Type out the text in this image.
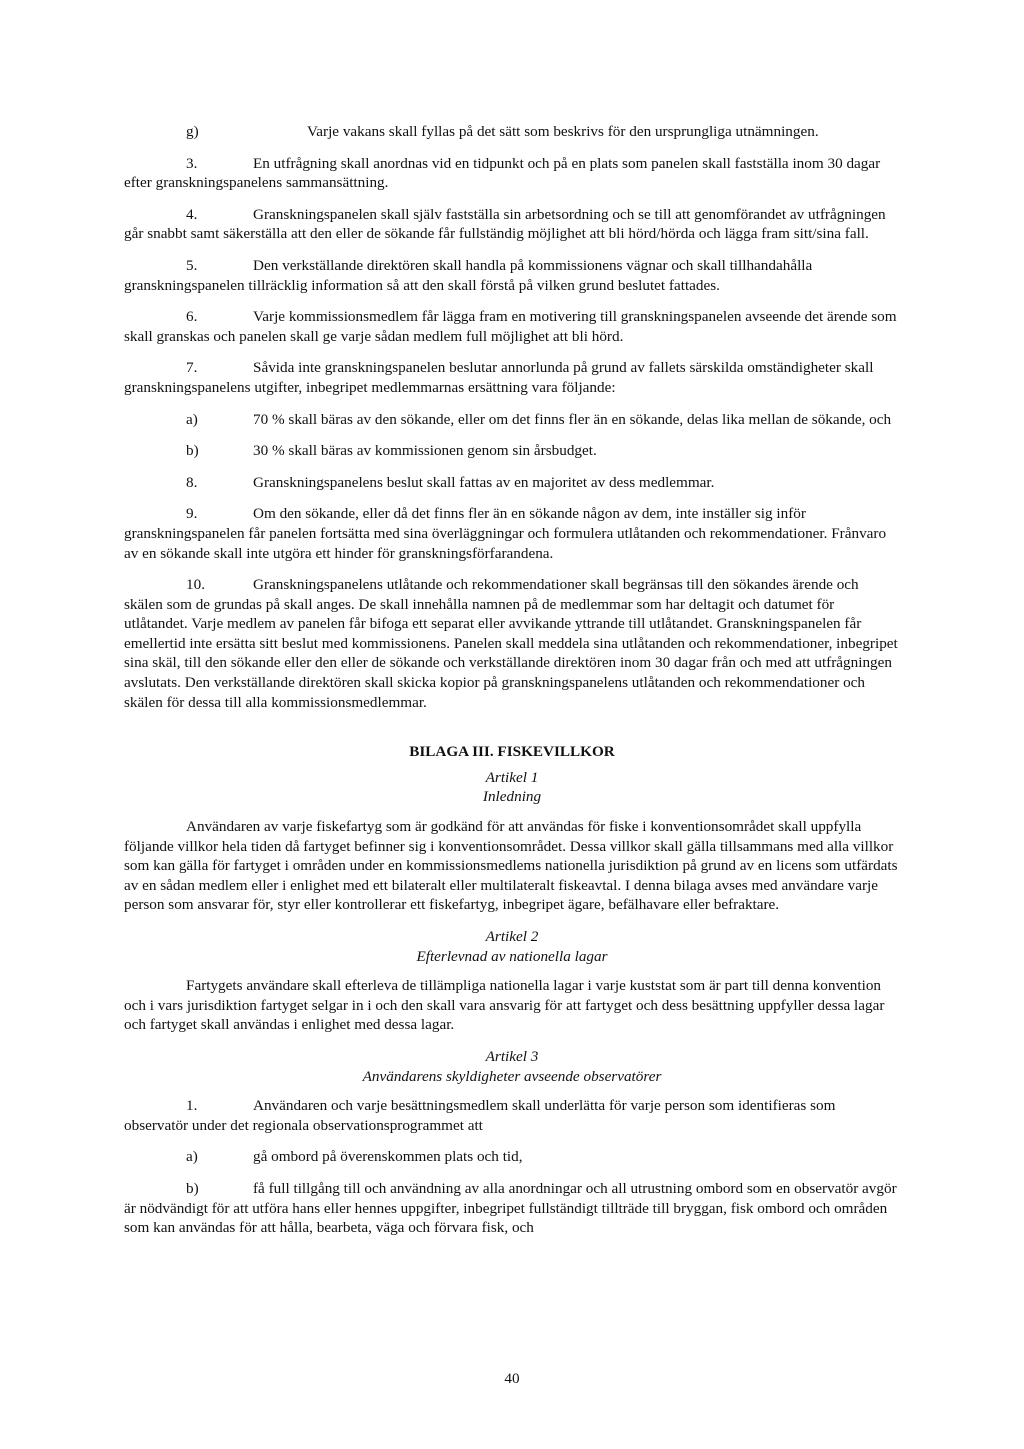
g)	Varje vakans skall fyllas på det sätt som beskrivs för den ursprungliga utnämningen.

3.	En utfrågning skall anordnas vid en tidpunkt och på en plats som panelen skall fastställa inom 30 dagar efter granskningspanelens sammansättning.

4.	Granskningspanelen skall själv fastställa sin arbetsordning och se till att genomförandet av utfrågningen går snabbt samt säkerställa att den eller de sökande får fullständig möjlighet att bli hörd/hörda och lägga fram sitt/sina fall.

5.	Den verkställande direktören skall handla på kommissionens vägnar och skall tillhandahålla granskningspanelen tillräcklig information så att den skall förstå på vilken grund beslutet fattades.

6.	Varje kommissionsmedlem får lägga fram en motivering till granskningspanelen avseende det ärende som skall granskas och panelen skall ge varje sådan medlem full möjlighet att bli hörd.

7.	Såvida inte granskningspanelen beslutar annorlunda på grund av fallets särskilda omständigheter skall granskningspanelens utgifter, inbegripet medlemmarnas ersättning vara följande:

a)	70 % skall bäras av den sökande, eller om det finns fler än en sökande, delas lika mellan de sökande, och

b)	30 % skall bäras av kommissionen genom sin årsbudget.

8.	Granskningspanelens beslut skall fattas av en majoritet av dess medlemmar.

9.	Om den sökande, eller då det finns fler än en sökande någon av dem, inte inställer sig inför granskningspanelen får panelen fortsätta med sina överläggningar och formulera utlåtanden och rekommendationer. Frånvaro av en sökande skall inte utgöra ett hinder för granskningsförfarandena.

10.	Granskningspanelens utlåtande och rekommendationer skall begränsas till den sökandes ärende och skälen som de grundas på skall anges. De skall innehålla namnen på de medlemmar som har deltagit och datumet för utlåtandet. Varje medlem av panelen får bifoga ett separat eller avvikande yttrande till utlåtandet. Granskningspanelen får emellertid inte ersätta sitt beslut med kommissionens. Panelen skall meddela sina utlåtanden och rekommendationer, inbegripet sina skäl, till den sökande eller den eller de sökande och verkställande direktören inom 30 dagar från och med att utfrågningen avslutats. Den verkställande direktören skall skicka kopior på granskningspanelens utlåtanden och rekommendationer och skälen för dessa till alla kommissionsmedlemmar.

BILAGA III. FISKEVILLKOR

Artikel 1

Inledning

Användaren av varje fiskefartyg som är godkänd för att användas för fiske i konventionsområdet skall uppfylla följande villkor hela tiden då fartyget befinner sig i konventionsområdet. Dessa villkor skall gälla tillsammans med alla villkor som kan gälla för fartyget i områden under en kommissionsmedlems nationella jurisdiktion på grund av en licens som utfärdats av en sådan medlem eller i enlighet med ett bilateralt eller multilateralt fiskeavtal. I denna bilaga avses med användare varje person som ansvarar för, styr eller kontrollerar ett fiskefartyg, inbegripet ägare, befälhavare eller befraktare.

Artikel 2

Efterlevnad av nationella lagar

Fartygets användare skall efterleva de tillämpliga nationella lagar i varje kuststat som är part till denna konvention och i vars jurisdiktion fartyget selgar in i och den skall vara ansvarig för att fartyget och dess besättning uppfyller dessa lagar och fartyget skall användas i enlighet med dessa lagar.

Artikel 3

Användarens skyldigheter avseende observatörer

1.	Användaren och varje besättningsmedlem skall underlätta för varje person som identifieras som observatör under det regionala observationsprogrammet att

a)	gå ombord på överenskommen plats och tid,

b)	få full tillgång till och användning av alla anordningar och all utrustning ombord som en observatör avgör är nödvändigt för att utföra hans eller hennes uppgifter, inbegripet fullständigt tillträde till bryggan, fisk ombord och områden som kan användas för att hålla, bearbeta, väga och förvara fisk, och

40
